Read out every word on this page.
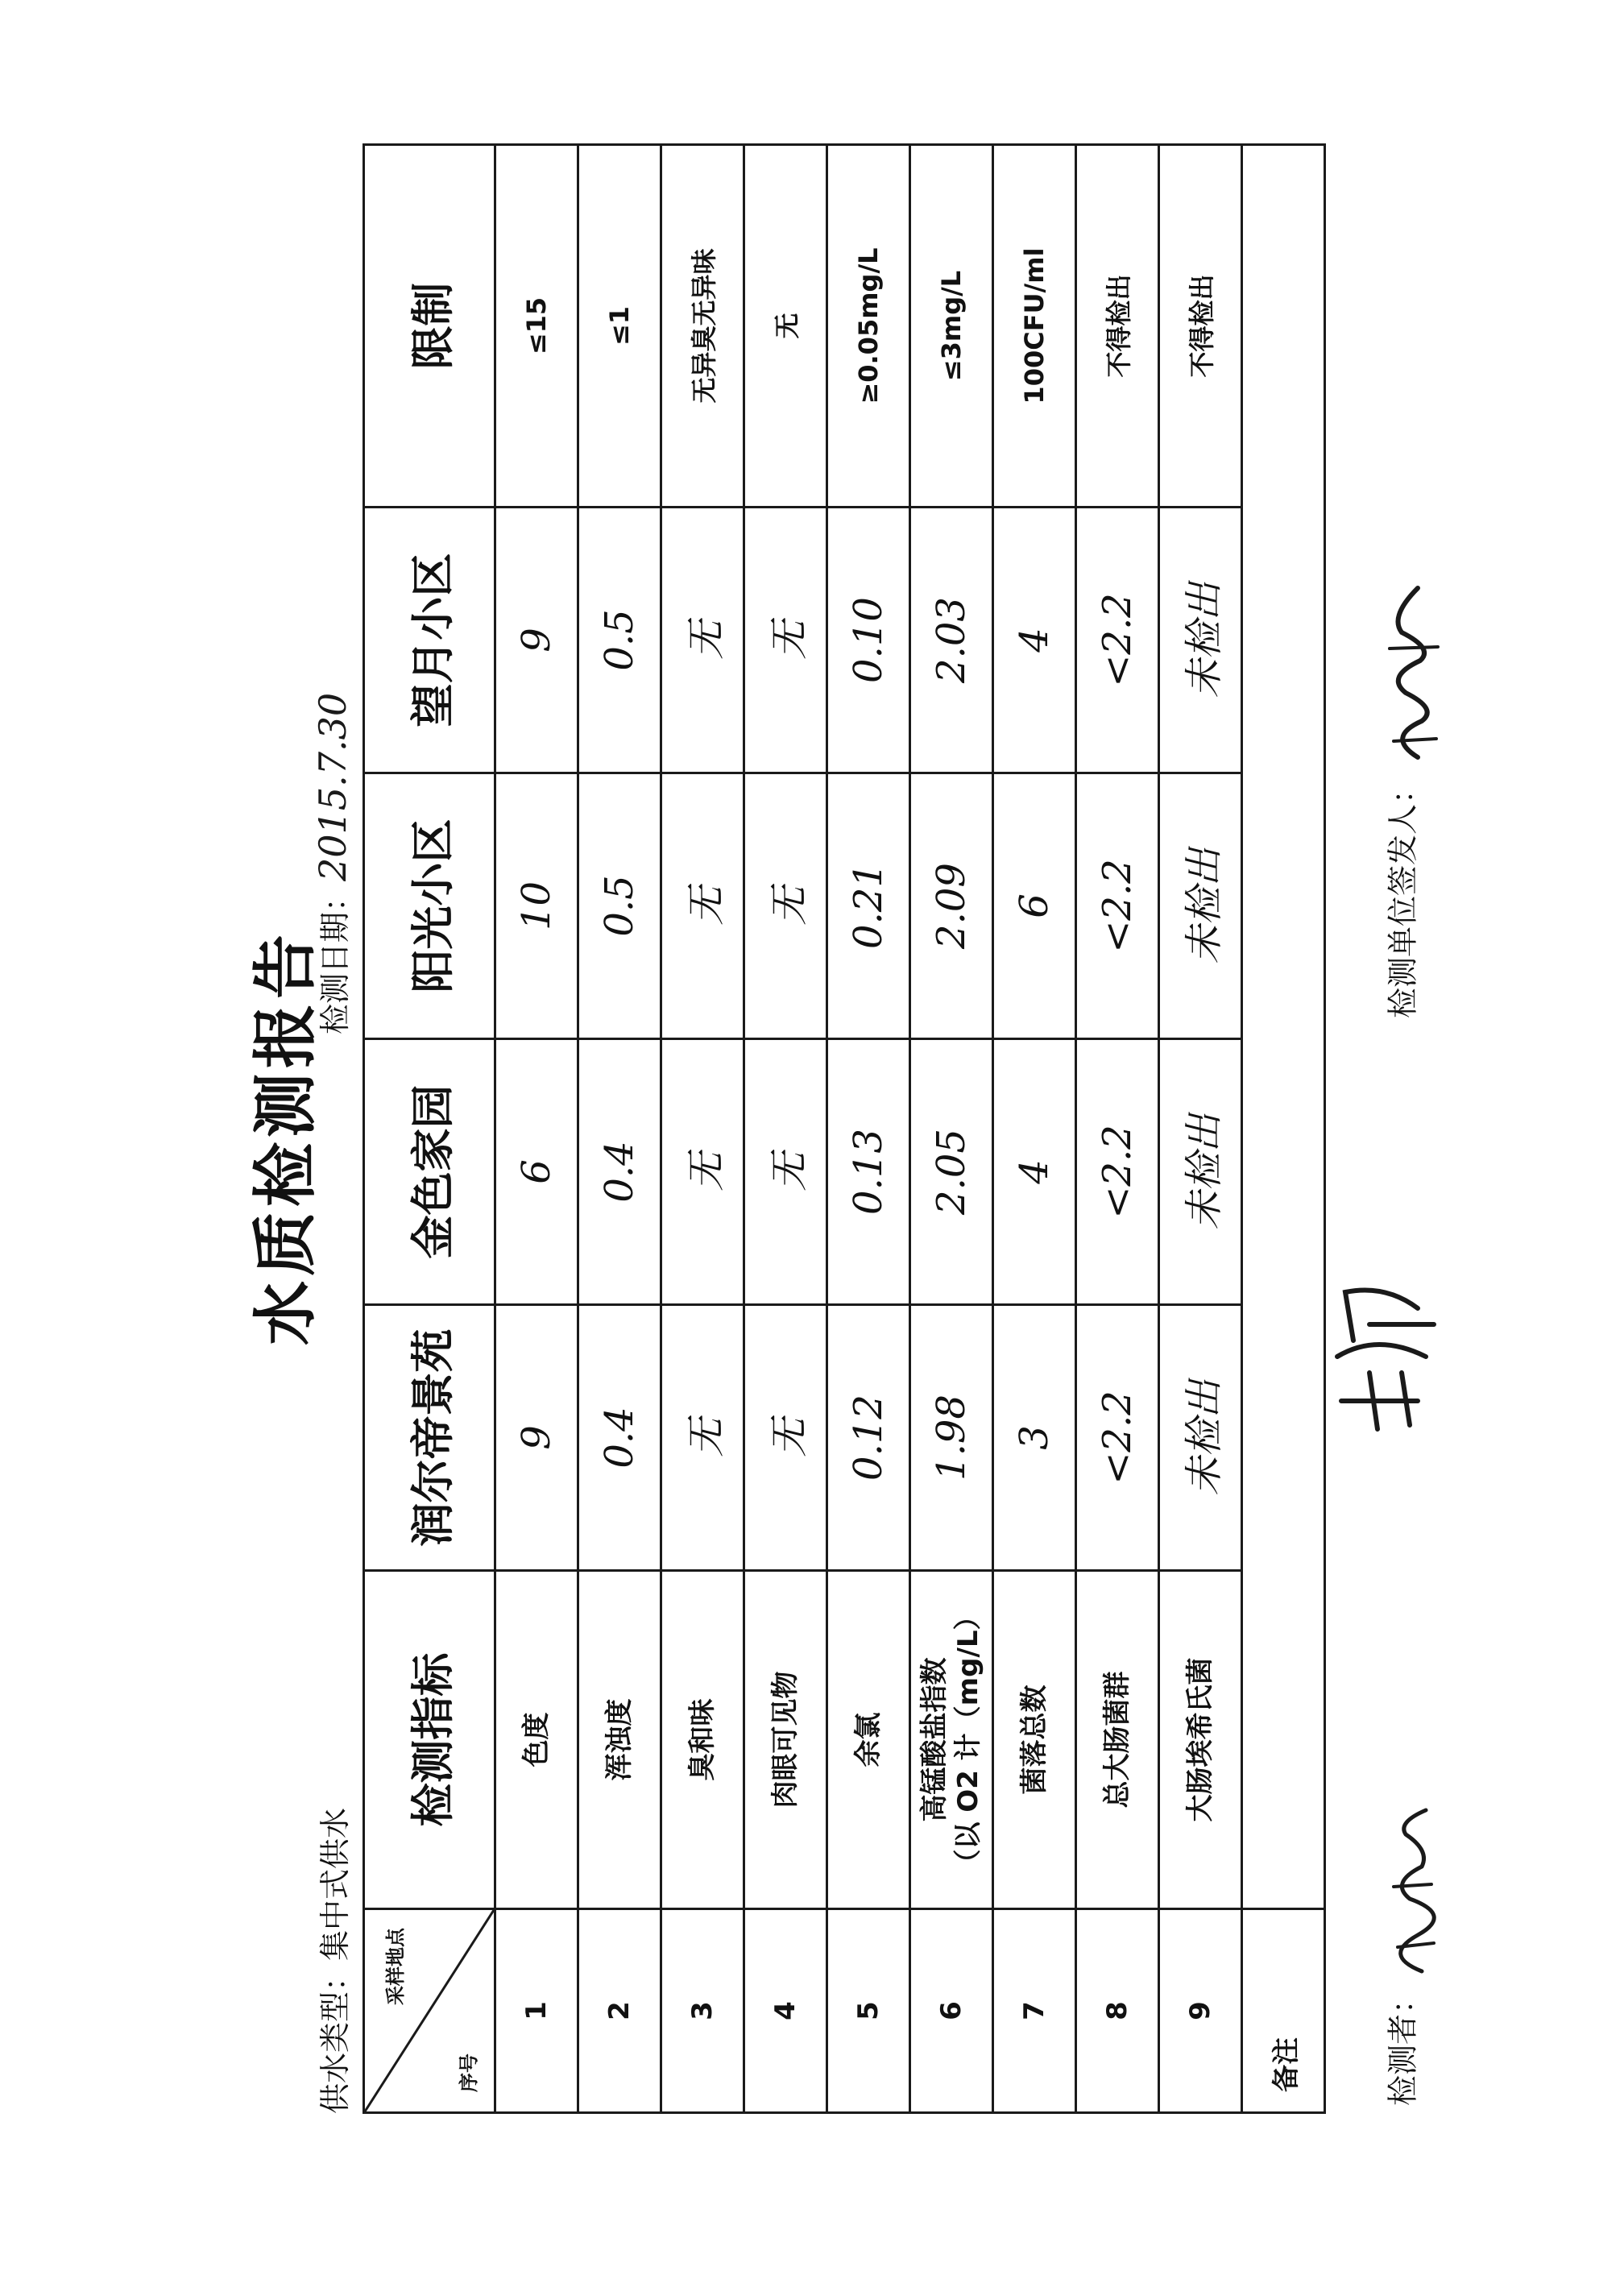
水质检测报告
供水类型：集中式供水
检测日期：2015.7.30
采样地点
序号	检测指标	润尔帝景苑	金色家园	阳光小区	望月小区	限制
1	色度	9	6	10	9	≤15
2	浑浊度	0.4	0.4	0.5	0.5	≤1
3	臭和味	无	无	无	无	无异臭无异味
4	肉眼可见物	无	无	无	无	无
5	余氯	0.12	0.13	0.21	0.10	≥0.05mg/L
6	高锰酸盐指数 （以 O2 计（mg/L）	1.98	2.05	2.09	2.03	≤3mg/L
7	菌落总数	3	4	6	4	100CFU/ml
8	总大肠菌群	<2.2	<2.2	<2.2	<2.2	不得检出
9	大肠埃希氏菌	未检出	未检出	未检出	未检出	不得检出
备注							检测者：
检测单位签发人：
